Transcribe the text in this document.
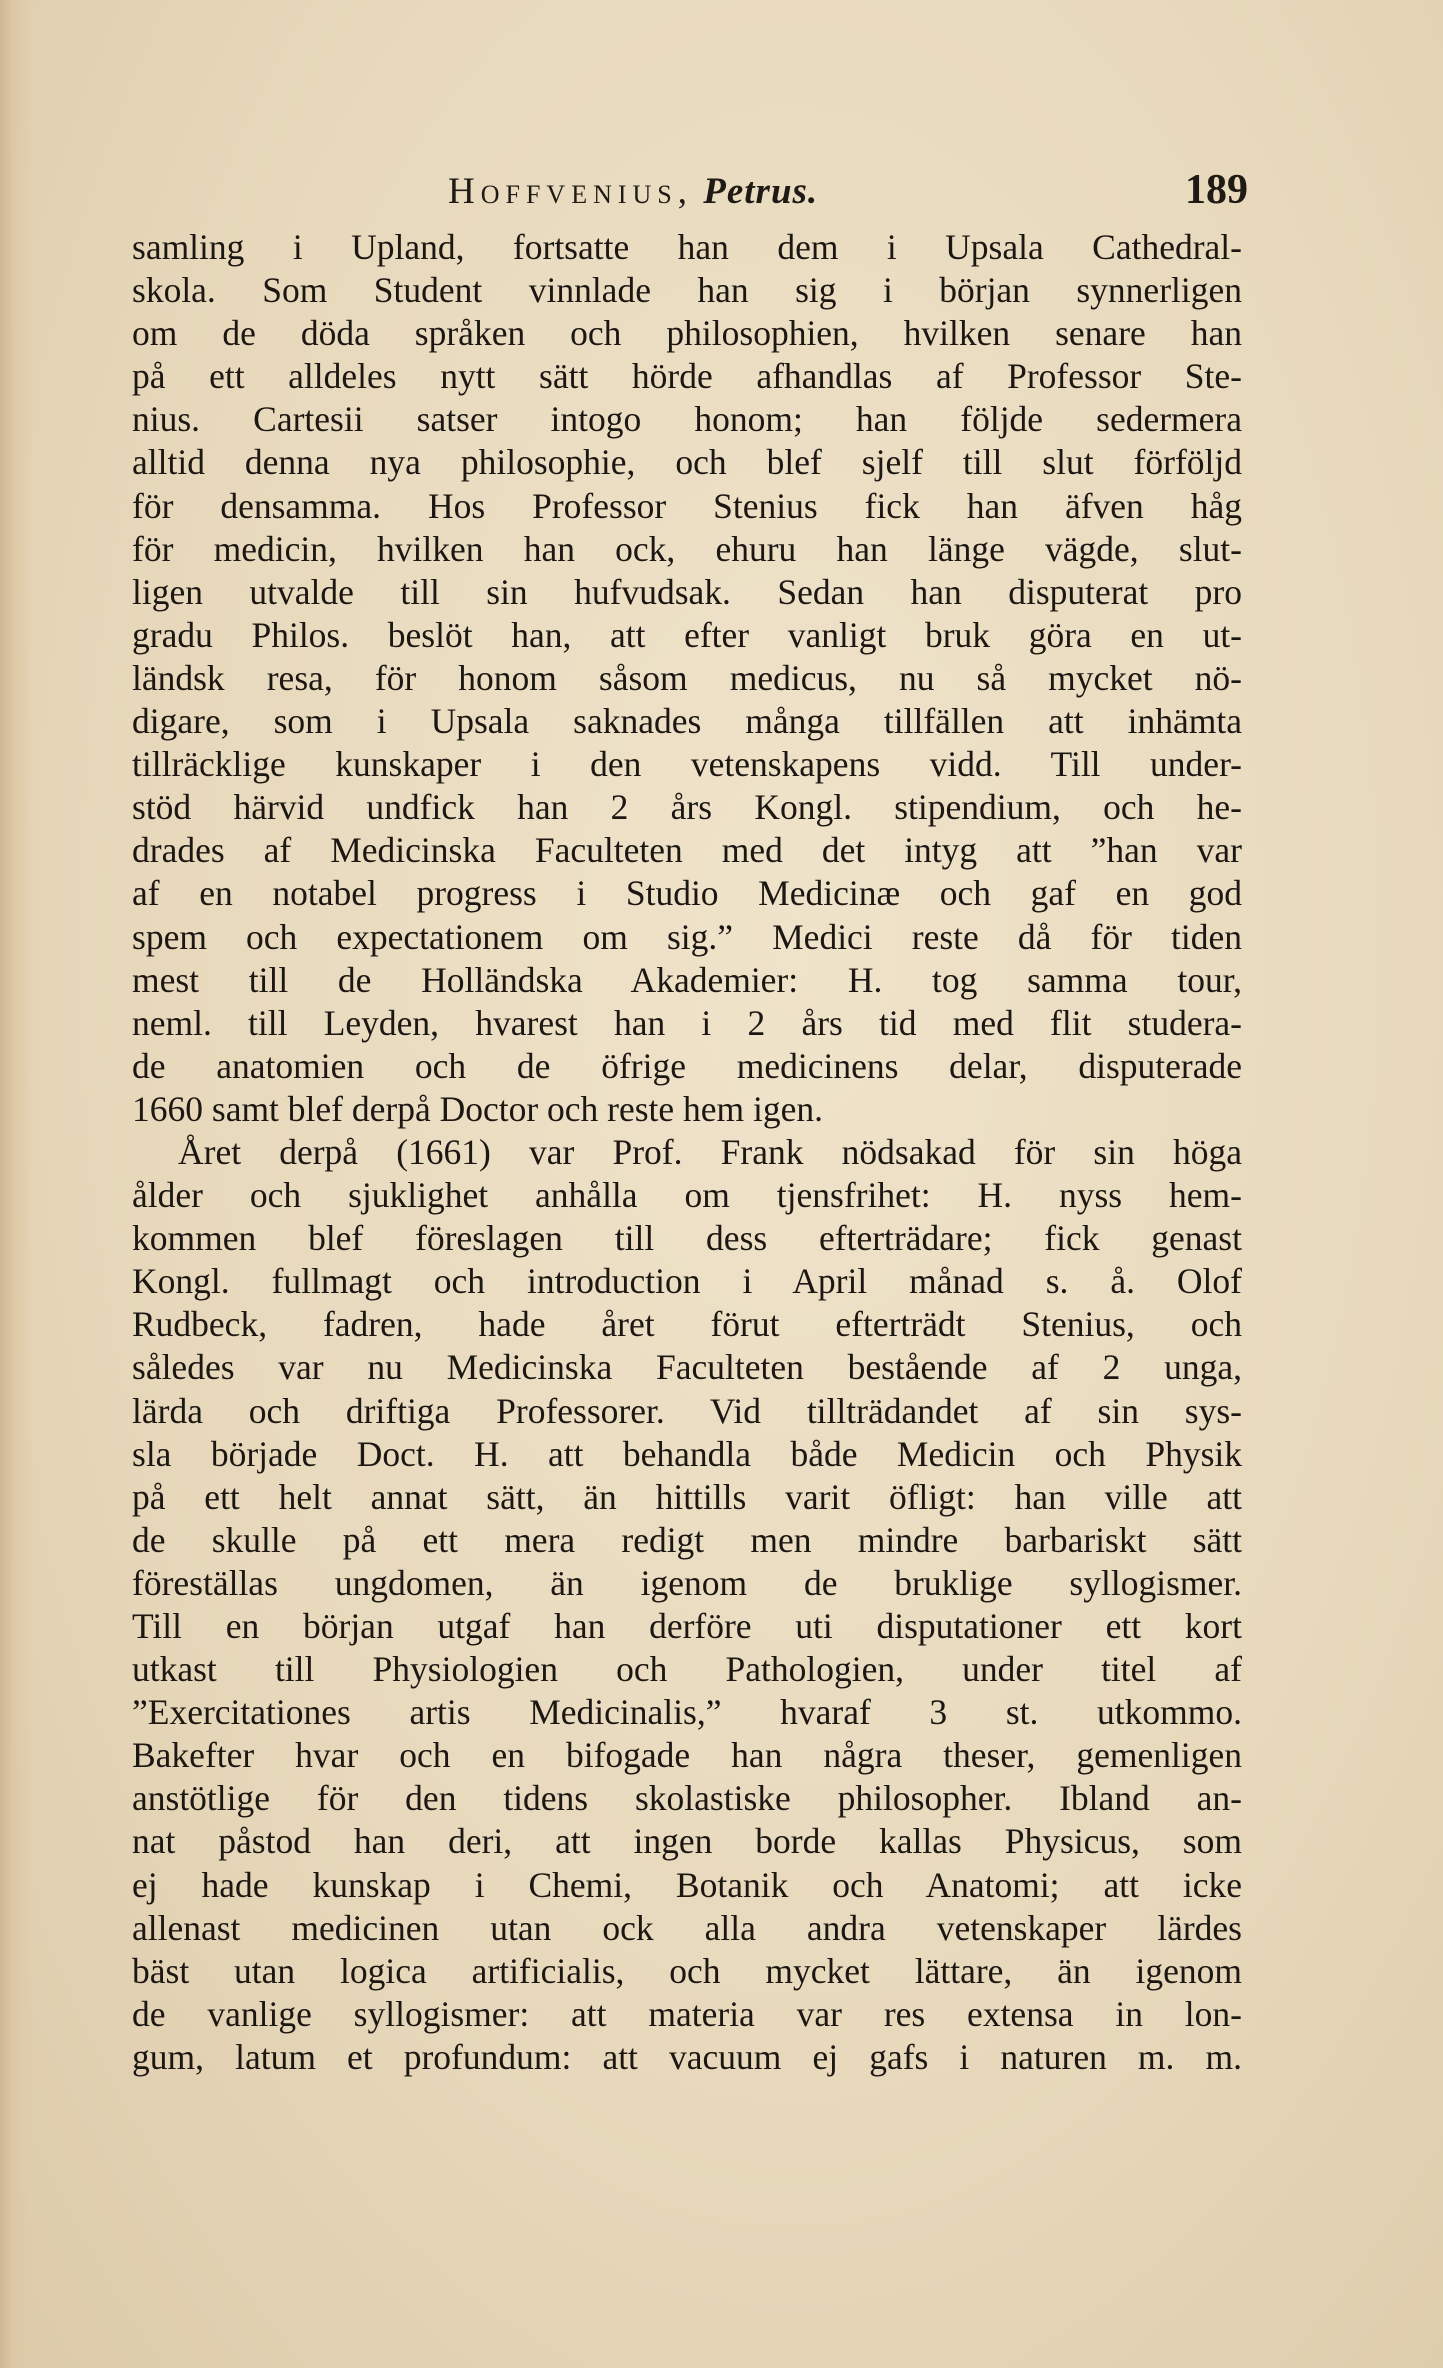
Hoffvenius, Petrus.	189
samling i Upland, fortsatte han dem i Upsala Cathedral-
skola. Som Student vinnlade han sig i början synnerligen
om de döda språken och philosophien, hvilken senare han
på ett alldeles nytt sätt hörde afhandlas af Professor Ste-
nius. Cartesii satser intogo honom; han följde sedermera
alltid denna nya philosophie, och blef sjelf till slut förföljd
för densamma. Hos Professor Stenius fick han äfven håg
för medicin, hvilken han ock, ehuru han länge vägde, slut-
ligen utvalde till sin hufvudsak. Sedan han disputerat pro
gradu Philos. beslöt han, att efter vanligt bruk göra en ut-
ländsk resa, för honom såsom medicus, nu så mycket nö-
digare, som i Upsala saknades många tillfällen att inhämta
tillräcklige kunskaper i den vetenskapens vidd. Till under-
stöd härvid undfick han 2 års Kongl. stipendium, och he-
drades af Medicinska Faculteten med det intyg att ”han var
af en notabel progress i Studio Medicinæ och gaf en god
spem och expectationem om sig.” Medici reste då för tiden
mest till de Holländska Akademier: H. tog samma tour,
neml. till Leyden, hvarest han i 2 års tid med flit studera-
de anatomien och de öfrige medicinens delar, disputerade
1660 samt blef derpå Doctor och reste hem igen.
Året derpå (1661) var Prof. Frank nödsakad för sin höga
ålder och sjuklighet anhålla om tjensfrihet: H. nyss hem-
kommen blef föreslagen till dess efterträdare; fick genast
Kongl. fullmagt och introduction i April månad s. å. Olof
Rudbeck, fadren, hade året förut efterträdt Stenius, och
således var nu Medicinska Faculteten bestående af 2 unga,
lärda och driftiga Professorer. Vid tillträdandet af sin sys-
sla började Doct. H. att behandla både Medicin och Physik
på ett helt annat sätt, än hittills varit öfligt: han ville att
de skulle på ett mera redigt men mindre barbariskt sätt
föreställas ungdomen, än igenom de bruklige syllogismer.
Till en början utgaf han derföre uti disputationer ett kort
utkast till Physiologien och Pathologien, under titel af
”Exercitationes artis Medicinalis,” hvaraf 3 st. utkommo.
Bakefter hvar och en bifogade han några theser, gemenligen
anstötlige för den tidens skolastiske philosopher. Ibland an-
nat påstod han deri, att ingen borde kallas Physicus, som
ej hade kunskap i Chemi, Botanik och Anatomi; att icke
allenast medicinen utan ock alla andra vetenskaper lärdes
bäst utan logica artificialis, och mycket lättare, än igenom
de vanlige syllogismer: att materia var res extensa in lon-
gum, latum et profundum: att vacuum ej gafs i naturen m. m.
